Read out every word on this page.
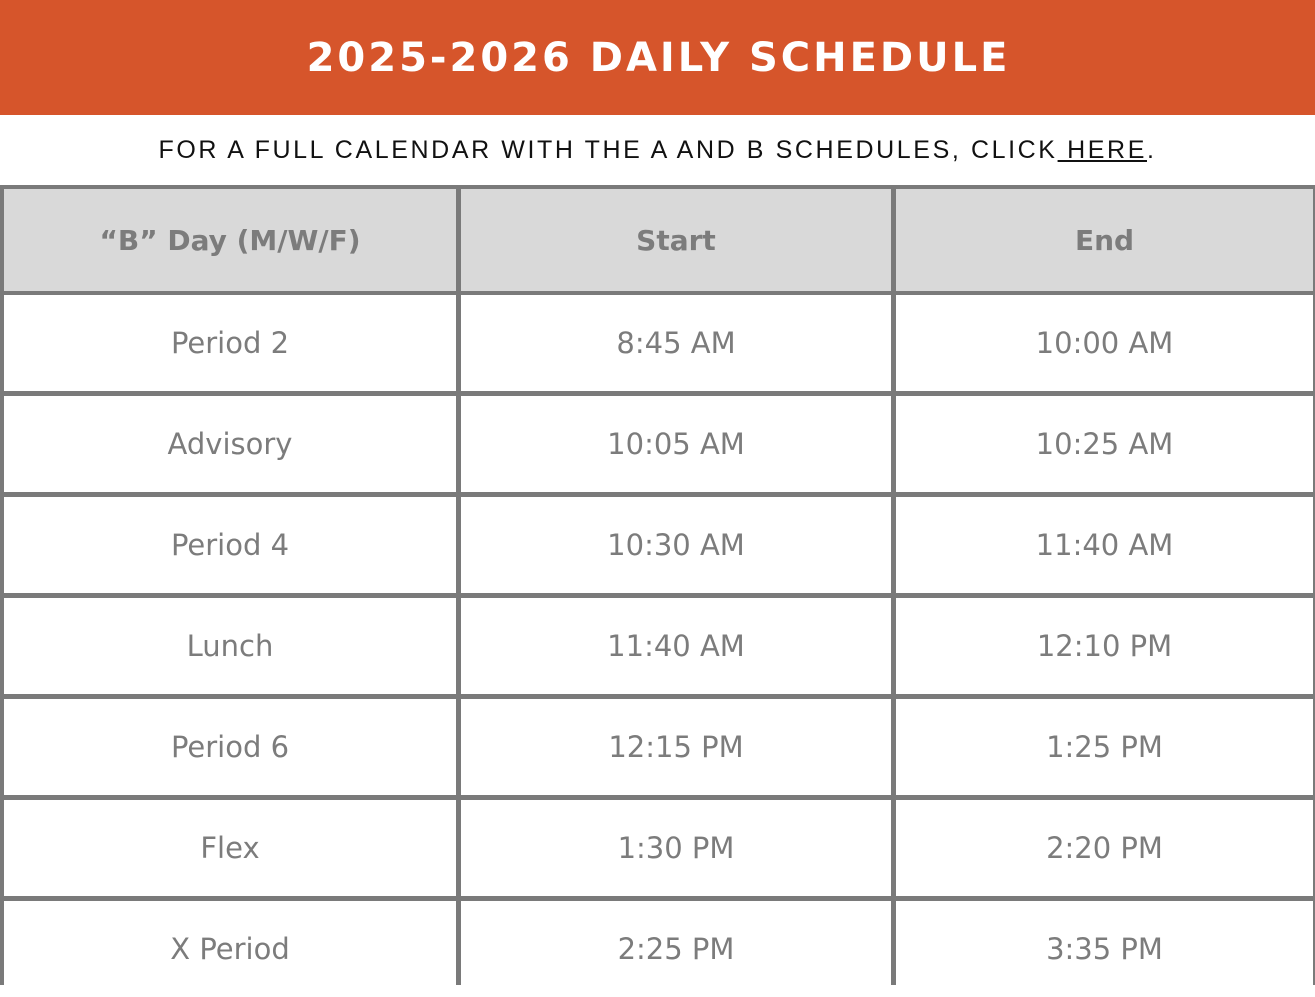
2025-2026 DAILY SCHEDULE
FOR A FULL CALENDAR WITH THE A AND B SCHEDULES, CLICK HERE .
“B” Day (M/W/F)	Start	End
Period 2	8:45 AM	10:00 AM
Advisory	10:05 AM	10:25 AM
Period 4	10:30 AM	11:40 AM
Lunch	11:40 AM	12:10 PM
Period 6	12:15 PM	1:25 PM
Flex	1:30 PM	2:20 PM
X Period	2:25 PM	3:35 PM
